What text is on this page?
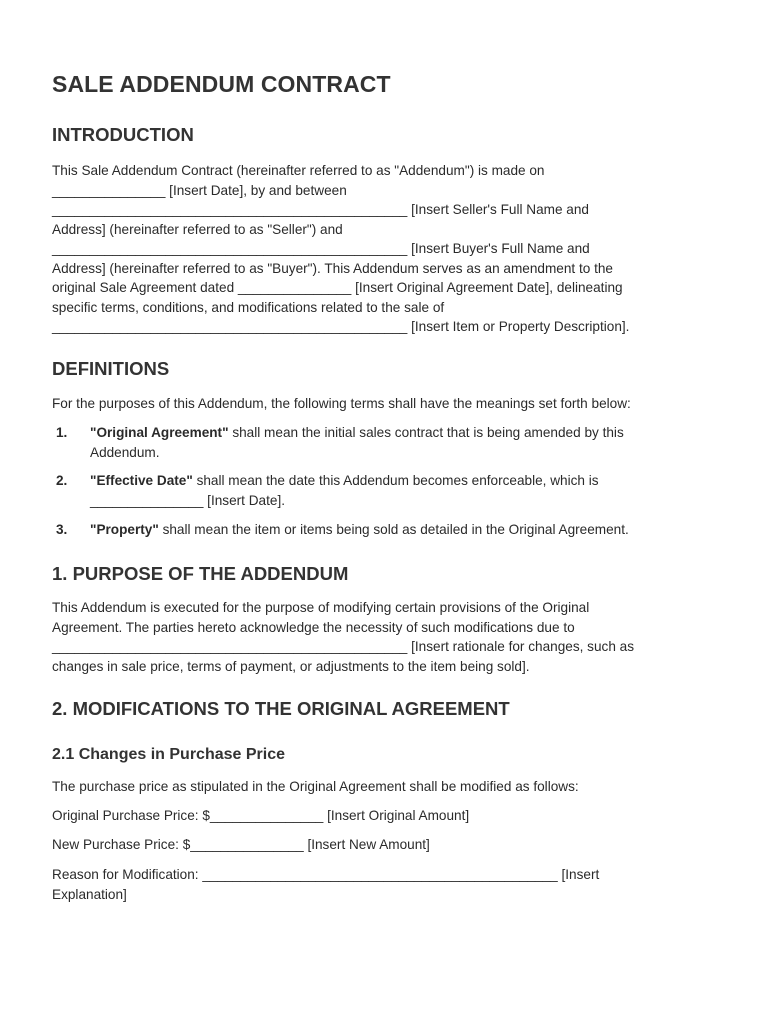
SALE ADDENDUM CONTRACT
INTRODUCTION

This Sale Addendum Contract (hereinafter referred to as "Addendum") is made on
_______________ [Insert Date], by and between
_______________________________________________ [Insert Seller's Full Name and
Address] (hereinafter referred to as "Seller") and
_______________________________________________ [Insert Buyer's Full Name and
Address] (hereinafter referred to as "Buyer"). This Addendum serves as an amendment to the
original Sale Agreement dated _______________ [Insert Original Agreement Date], delineating
specific terms, conditions, and modifications related to the sale of
_______________________________________________ [Insert Item or Property Description].

DEFINITIONS

For the purposes of this Addendum, the following terms shall have the meanings set forth below:

1. "Original Agreement" shall mean the initial sales contract that is being amended by this
Addendum.
2. "Effective Date" shall mean the date this Addendum becomes enforceable, which is
_______________ [Insert Date].
3. "Property" shall mean the item or items being sold as detailed in the Original Agreement.
1. PURPOSE OF THE ADDENDUM

This Addendum is executed for the purpose of modifying certain provisions of the Original
Agreement. The parties hereto acknowledge the necessity of such modifications due to
_______________________________________________ [Insert rationale for changes, such as
changes in sale price, terms of payment, or adjustments to the item being sold].

2. MODIFICATIONS TO THE ORIGINAL AGREEMENT
2.1 Changes in Purchase Price

The purchase price as stipulated in the Original Agreement shall be modified as follows:

Original Purchase Price: $_______________ [Insert Original Amount]

New Purchase Price: $_______________ [Insert New Amount]

Reason for Modification: _______________________________________________ [Insert
Explanation]
